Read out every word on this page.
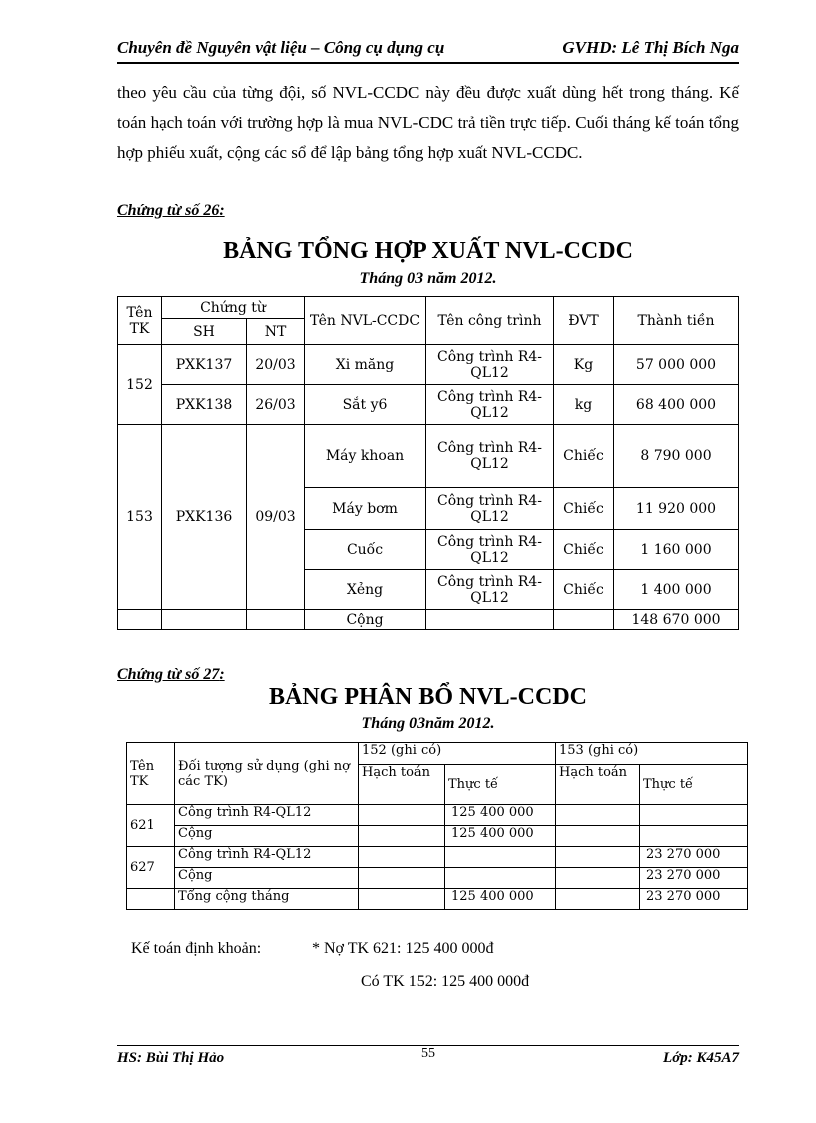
Chuyên đề Nguyên vật liệu – Công cụ dụng cụ	GVHD: Lê Thị Bích Nga

theo yêu cầu của từng đội, số NVL-CCDC này đều được xuất dùng hết trong tháng. Kế toán hạch toán với trường hợp là mua NVL-CDC trả tiền trực tiếp. Cuối tháng kế toán tổng hợp phiếu xuất, cộng các sổ để lập bảng tổng hợp xuất NVL-CCDC.

Chứng từ số 26:
BẢNG TỔNG HỢP XUẤT NVL-CCDC
Tháng 03 năm 2012.
Tên TK	Chứng từ		Tên NVL-CCDC	Tên công trình	ĐVT	Thành tiền
	SH	NT				
152	PXK137	20/03	Xi măng	Công trình R4-QL12	Kg	57 000 000
	PXK138	26/03	Sắt y6	Công trình R4-QL12	kg	68 400 000
153	PXK136	09/03	Máy khoan	Công trình R4-QL12	Chiếc	8 790 000
			Máy bơm	Công trình R4-QL12	Chiếc	11 920 000
			Cuốc	Công trình R4-QL12	Chiếc	1 160 000
			Xẻng	Công trình R4-QL12	Chiếc	1 400 000
			Cộng			148 670 000
Chứng từ số 27:
BẢNG PHÂN BỔ NVL-CCDC
Tháng 03năm 2012.
Tên TK	Đối tượng sử dụng (ghi nợ các TK)	152 (ghi có)		153 (ghi có)	
		Hạch toán	Thực tế	Hạch toán	Thực tế
621	Công trình R4-QL12		125 400 000		
	Cộng		125 400 000		
627	Công trình R4-QL12				23 270 000
	Cộng				23 270 000
	Tổng cộng tháng		125 400 000		23 270 000
Kế toán định khoản:	* Nợ TK 621: 125 400 000đ
Có TK 152: 125 400 000đ
HS: Bùi Thị Hảo	55	Lớp: K45A7
